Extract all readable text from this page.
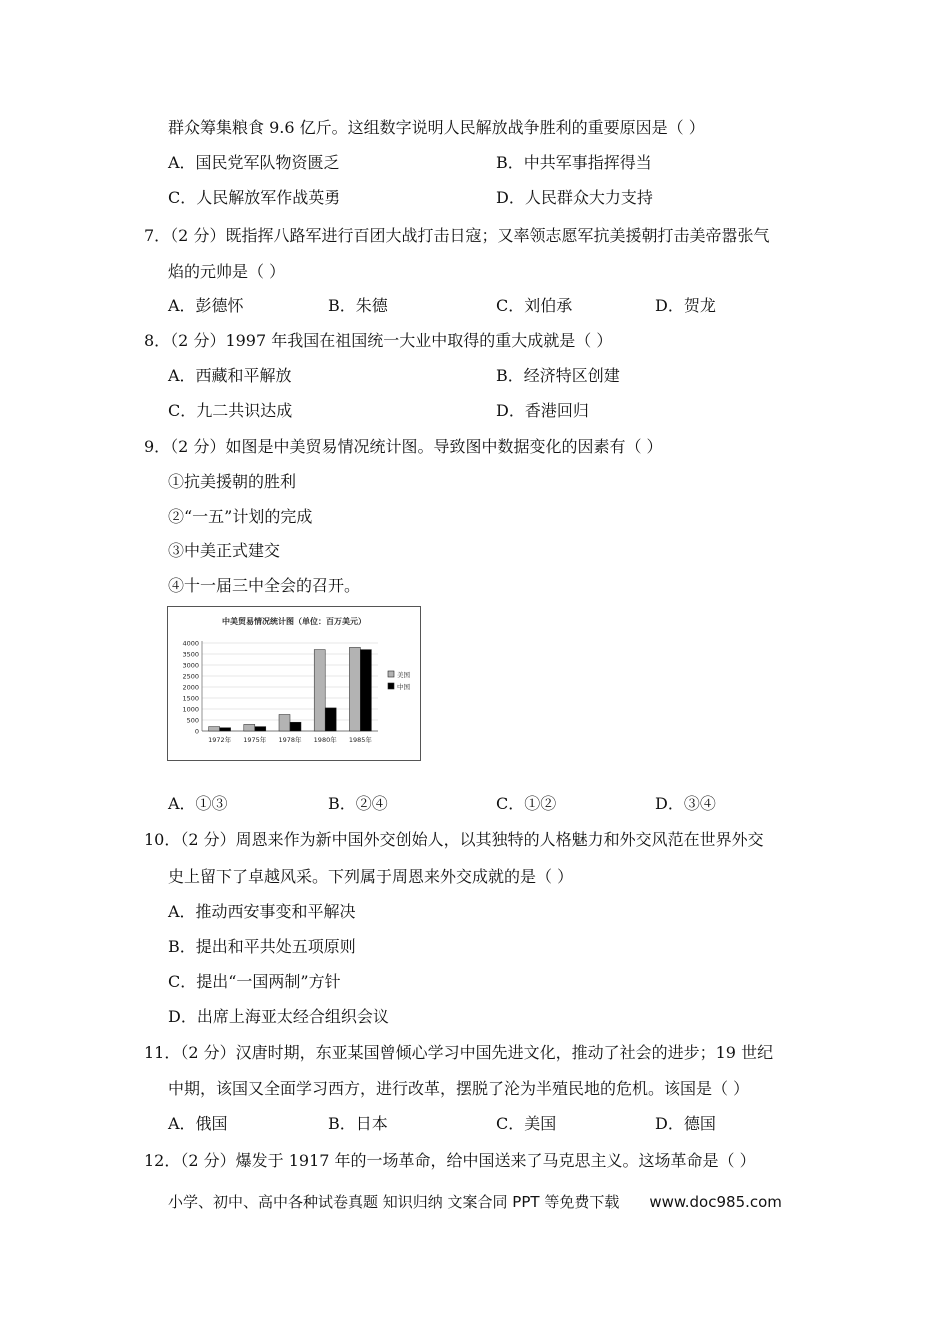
群众筹集粮食 9.6 亿斤。这组数字说明人民解放战争胜利的重要原因是（ ）
A．国民党军队物资匮乏	B．中共军事指挥得当
C．人民解放军作战英勇	D．人民群众大力支持
7．（2 分）既指挥八路军进行百团大战打击日寇；又率领志愿军抗美援朝打击美帝嚣张气
焰的元帅是（ ）
A．彭德怀	B．朱德	C．刘伯承	D．贺龙
8．（2 分）1997 年我国在祖国统一大业中取得的重大成就是（ ）
A．西藏和平解放	B．经济特区创建
C．九二共识达成	D．香港回归
9．（2 分）如图是中美贸易情况统计图。导致图中数据变化的因素有（ ）
①抗美援朝的胜利
②“一五”计划的完成
③中美正式建交
④十一届三中全会的召开。
中美贸易情况统计图（单位：百万美元）
0
500
1000
1500
2000
2500
3000
3500
4000
1972年 1975年 1978年 1980年 1985年
美国
中国
A．①③	B．②④	C．①②	D．③④
10．（2 分）周恩来作为新中国外交创始人，以其独特的人格魅力和外交风范在世界外交
史上留下了卓越风采。下列属于周恩来外交成就的是（ ）
A．推动西安事变和平解决
B．提出和平共处五项原则
C．提出“一国两制”方针
D．出席上海亚太经合组织会议
11．（2 分）汉唐时期，东亚某国曾倾心学习中国先进文化，推动了社会的进步；19 世纪
中期，该国又全面学习西方，进行改革，摆脱了沦为半殖民地的危机。该国是（ ）
A．俄国	B．日本	C．美国	D．德国
12．（2 分）爆发于 1917 年的一场革命，给中国送来了马克思主义。这场革命是（ ）
小学、初中、高中各种试卷真题 知识归纳 文案合同 PPT 等免费下载 www.doc985.com
